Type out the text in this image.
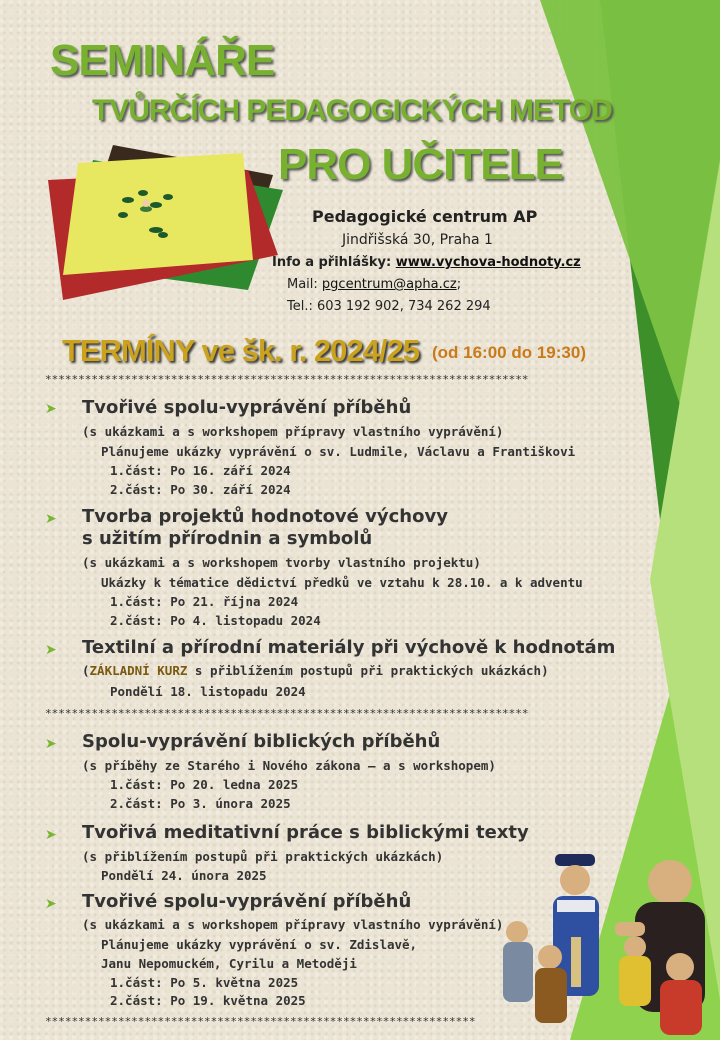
SEMINÁŘE
TVŮRČÍCH PEDAGOGICKÝCH METOD
PRO UČITELE
Pedagogické centrum AP
Jindřišská 30, Praha 1
Info a přihlášky: www.vychova-hodnoty.cz
Mail: pgcentrum@apha.cz;
Tel.: 603 192 902, 734 262 294
TERMÍNY ve šk. r. 2024/25 (od 16:00 do 19:30)
*************************************************************************
➤ Tvořivé spolu-vyprávění příběhů
(s ukázkami a s workshopem přípravy vlastního vyprávění)
Plánujeme ukázky vyprávění o sv. Ludmile, Václavu a Františkovi
1.část: Po 16. září 2024
2.část: Po 30. září 2024
➤ Tvorba projektů hodnotové výchovy
s užitím přírodnin a symbolů
(s ukázkami a s workshopem tvorby vlastního projektu)
Ukázky k tématice dědictví předků ve vztahu k 28.10. a k adventu
1.část: Po 21. října 2024
2.část: Po 4. listopadu 2024
➤ Textilní a přírodní materiály při výchově k hodnotám
(ZÁKLADNÍ KURZ s přiblížením postupů při praktických ukázkách)
Pondělí 18. listopadu 2024
*************************************************************************
➤ Spolu-vyprávění biblických příběhů
(s příběhy ze Starého i Nového zákona – a s workshopem)
1.část: Po 20. ledna 2025
2.část: Po 3. února 2025
➤ Tvořivá meditativní práce s biblickými texty
(s přiblížením postupů při praktických ukázkách)
Pondělí 24. února 2025
➤ Tvořivé spolu-vyprávění příběhů
(s ukázkami a s workshopem přípravy vlastního vyprávění)
Plánujeme ukázky vyprávění o sv. Zdislavě,
Janu Nepomuckém, Cyrilu a Metoději
1.část: Po 5. května 2025
2.část: Po 19. května 2025
*****************************************************************
